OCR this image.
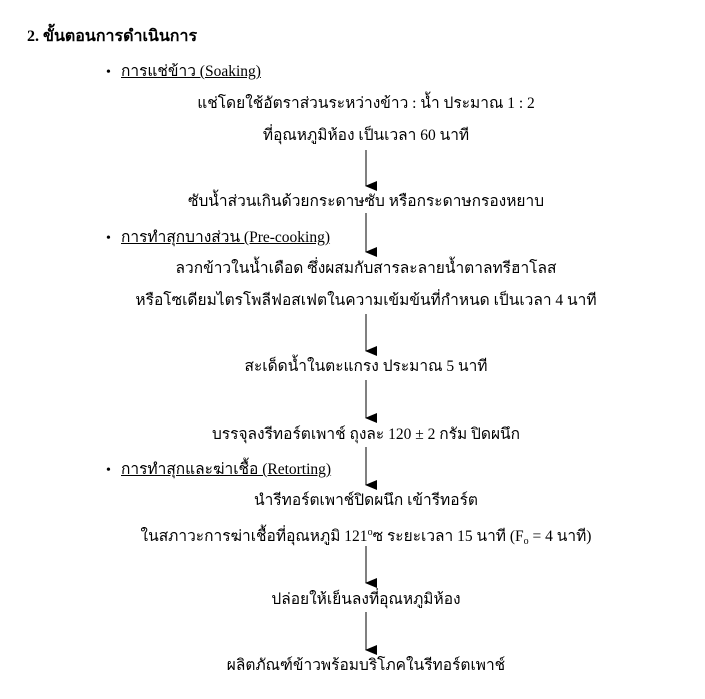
2. ขั้นตอนการดำเนินการ
• การแช่ข้าว (Soaking)
• การทำสุกบางส่วน (Pre-cooking)
• การทำสุกและฆ่าเชื้อ (Retorting)
แช่โดยใช้อัตราส่วนระหว่างข้าว : น้ำ ประมาณ 1 : 2
ที่อุณหภูมิห้อง เป็นเวลา 60 นาที
ซับน้ำส่วนเกินด้วยกระดาษซับ หรือกระดาษกรองหยาบ
ลวกข้าวในน้ำเดือด ซึ่งผสมกับสารละลายน้ำตาลทรีฮาโลส
หรือโซเดียมไตรโพลีฟอสเฟตในความเข้มข้นที่กำหนด เป็นเวลา 4 นาที
สะเด็ดน้ำในตะแกรง ประมาณ 5 นาที
บรรจุลงรีทอร์ตเพาช์ ถุงละ 120 ± 2 กรัม ปิดผนึก
นำรีทอร์ตเพาช์ปิดผนึก เข้ารีทอร์ต
ในสภาวะการฆ่าเชื้อที่อุณหภูมิ 121$^o$ซ ระยะเวลา 15 นาที ($F_o = 4$ นาที)
ปล่อยให้เย็นลงที่อุณหภูมิห้อง
ผลิตภัณฑ์ข้าวพร้อมบริโภคในรีทอร์ตเพาช์
